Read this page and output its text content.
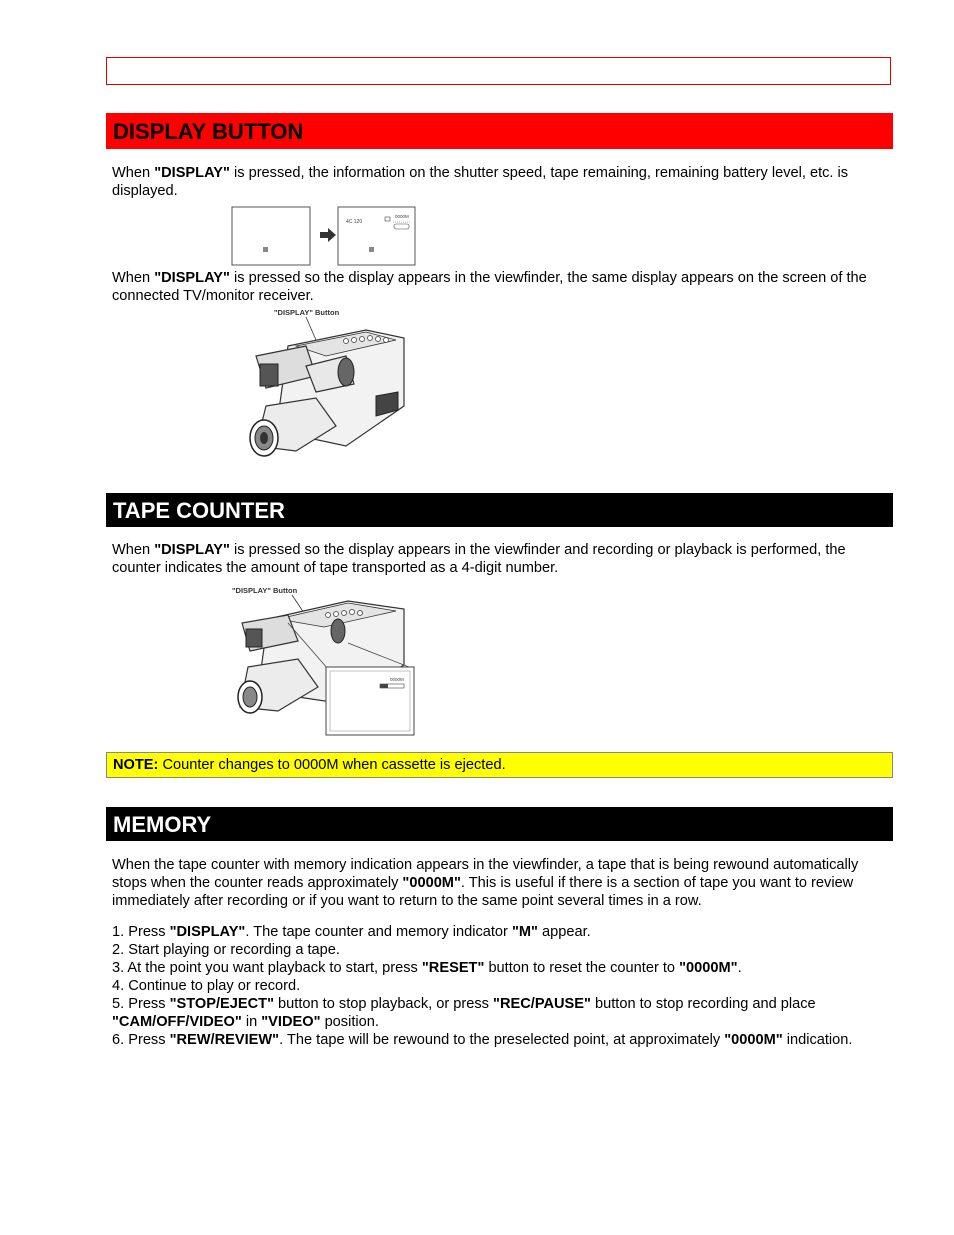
DISPLAY BUTTON
When "DISPLAY" is pressed, the information on the shutter speed, tape remaining, remaining battery level, etc. is displayed.
4C 120
0000M
When "DISPLAY" is pressed so the display appears in the viewfinder, the same display appears on the screen of the connected TV/monitor receiver.
"DISPLAY" Button
TAPE COUNTER
When "DISPLAY" is pressed so the display appears in the viewfinder and recording or playback is performed, the counter indicates the amount of tape transported as a 4-digit number.
"DISPLAY" Button
0000M
NOTE: Counter changes to 0000M when cassette is ejected.
MEMORY
When the tape counter with memory indication appears in the viewfinder, a tape that is being rewound automatically stops when the counter reads approximately "0000M". This is useful if there is a section of tape you want to review immediately after recording or if you want to return to the same point several times in a row.
1. Press "DISPLAY". The tape counter and memory indicator "M" appear.
2. Start playing or recording a tape.
3. At the point you want playback to start, press "RESET" button to reset the counter to "0000M".
4. Continue to play or record.
5. Press "STOP/EJECT" button to stop playback, or press "REC/PAUSE" button to stop recording and place "CAM/OFF/VIDEO" in "VIDEO" position.
6. Press "REW/REVIEW". The tape will be rewound to the preselected point, at approximately "0000M" indication.
